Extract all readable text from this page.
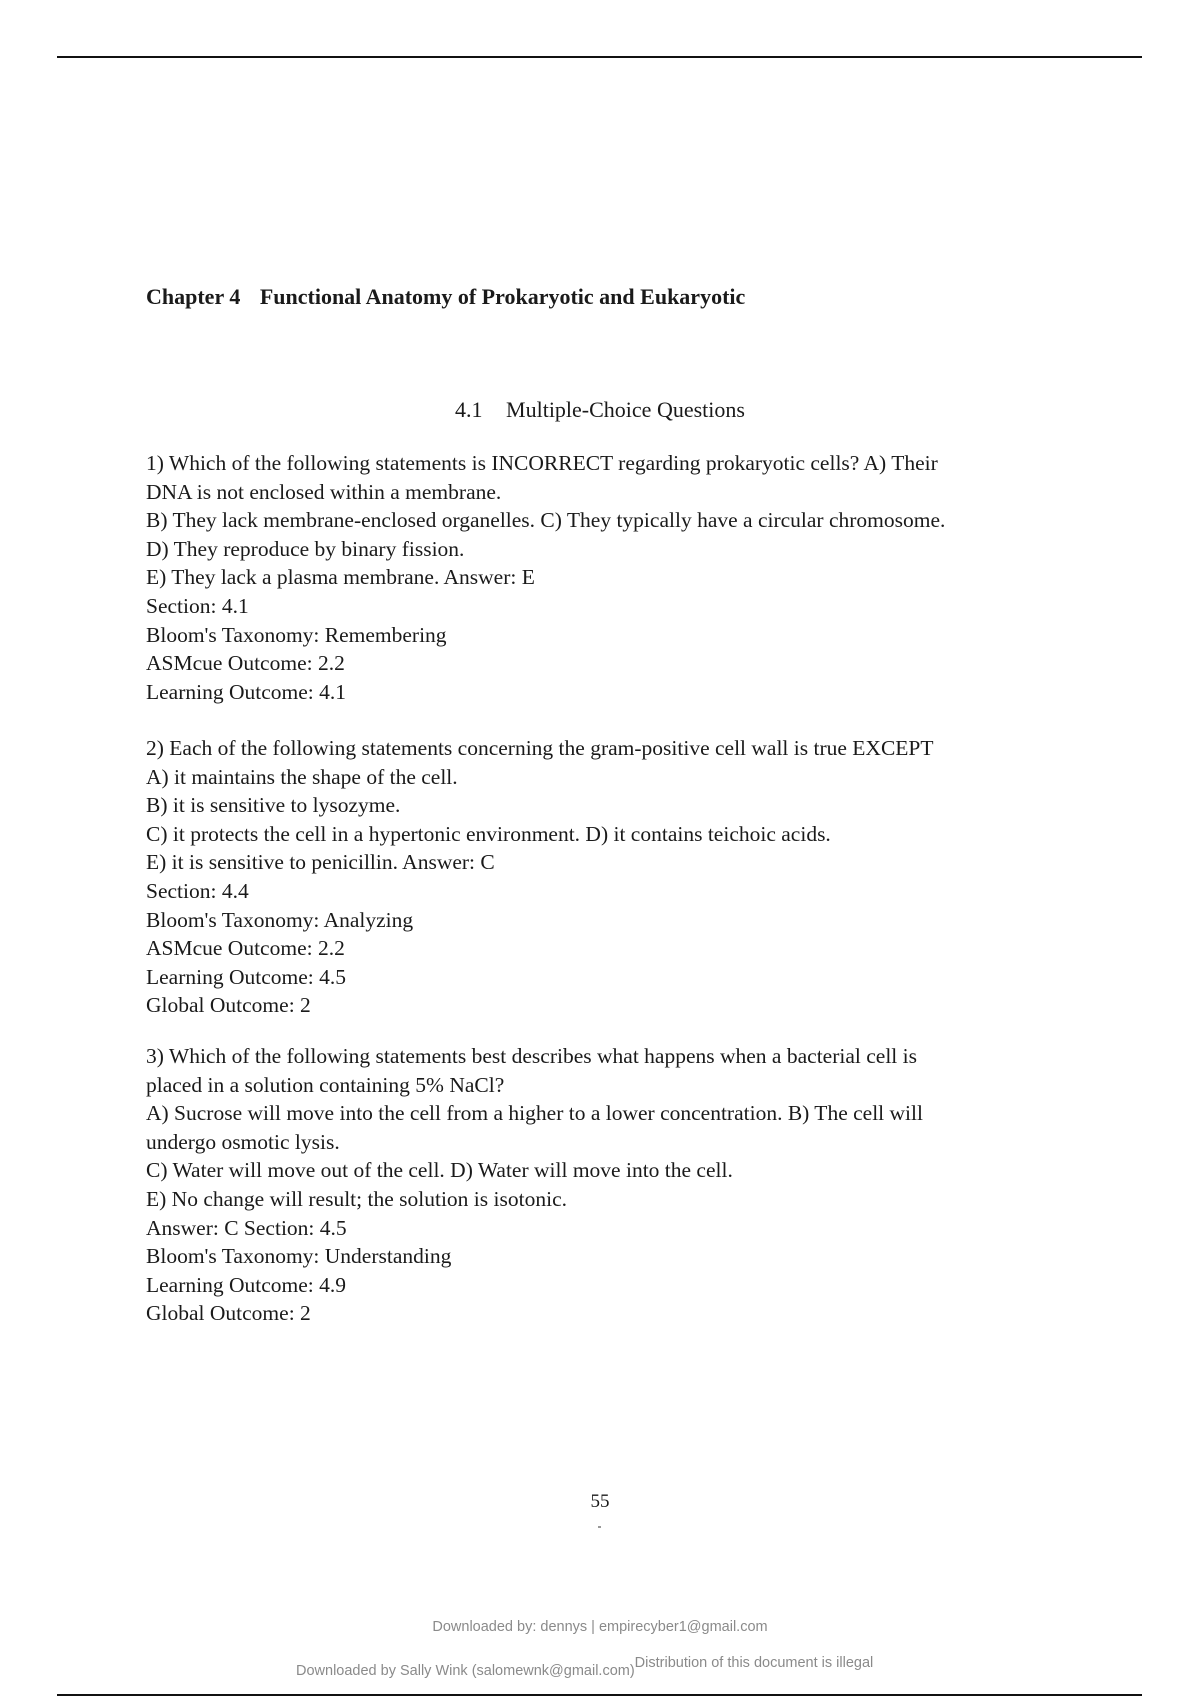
Chapter 4 Functional Anatomy of Prokaryotic and Eukaryotic
4.1 Multiple-Choice Questions
1) Which of the following statements is INCORRECT regarding prokaryotic cells? A) Their
DNA is not enclosed within a membrane.
B) They lack membrane-enclosed organelles. C) They typically have a circular chromosome.
D) They reproduce by binary fission.
E) They lack a plasma membrane. Answer: E
Section: 4.1
Bloom's Taxonomy: Remembering
ASMcue Outcome: 2.2
Learning Outcome: 4.1
2) Each of the following statements concerning the gram-positive cell wall is true EXCEPT
A) it maintains the shape of the cell.
B) it is sensitive to lysozyme.
C) it protects the cell in a hypertonic environment. D) it contains teichoic acids.
E) it is sensitive to penicillin. Answer: C
Section: 4.4
Bloom's Taxonomy: Analyzing
ASMcue Outcome: 2.2
Learning Outcome: 4.5
Global Outcome: 2
3) Which of the following statements best describes what happens when a bacterial cell is
placed in a solution containing 5% NaCl?
A) Sucrose will move into the cell from a higher to a lower concentration. B) The cell will
undergo osmotic lysis.
C) Water will move out of the cell. D) Water will move into the cell.
E) No change will result; the solution is isotonic.
Answer: C Section: 4.5
Bloom's Taxonomy: Understanding
Learning Outcome: 4.9
Global Outcome: 2
55
Downloaded by: dennys | empirecyber1@gmail.com
Downloaded by Sally Wink (salomewnk@gmail.com)Distribution of this document is illegal
